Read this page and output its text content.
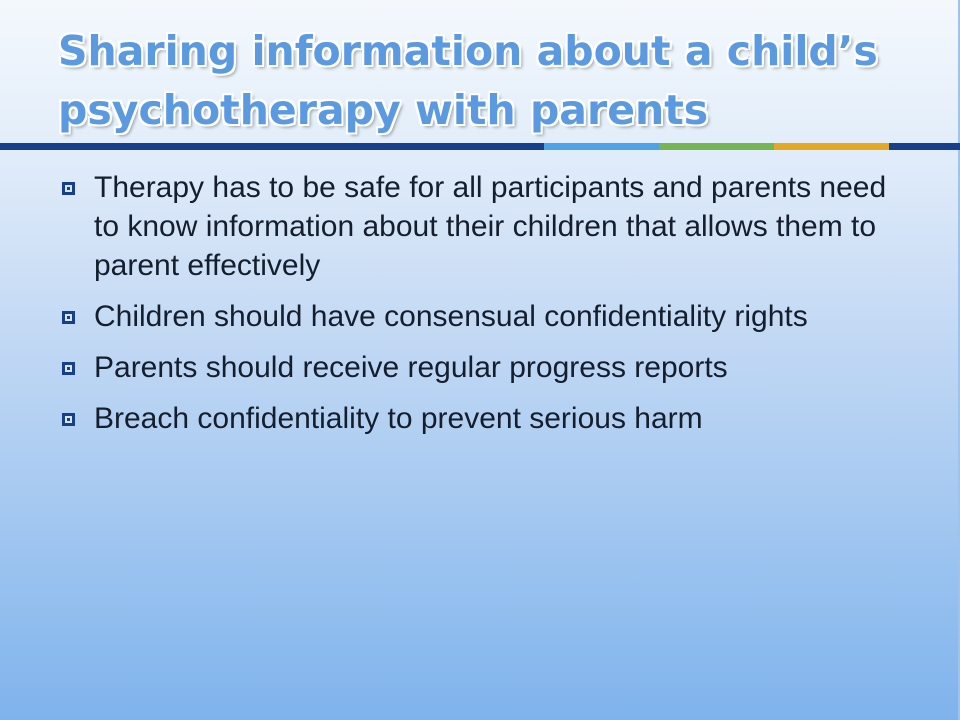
Sharing information about a child’s psychotherapy with parents
Therapy has to be safe for all participants and parents need to know information about their children that allows them to parent effectively
Children should have consensual confidentiality rights
Parents should receive regular progress reports
Breach confidentiality to prevent serious harm
